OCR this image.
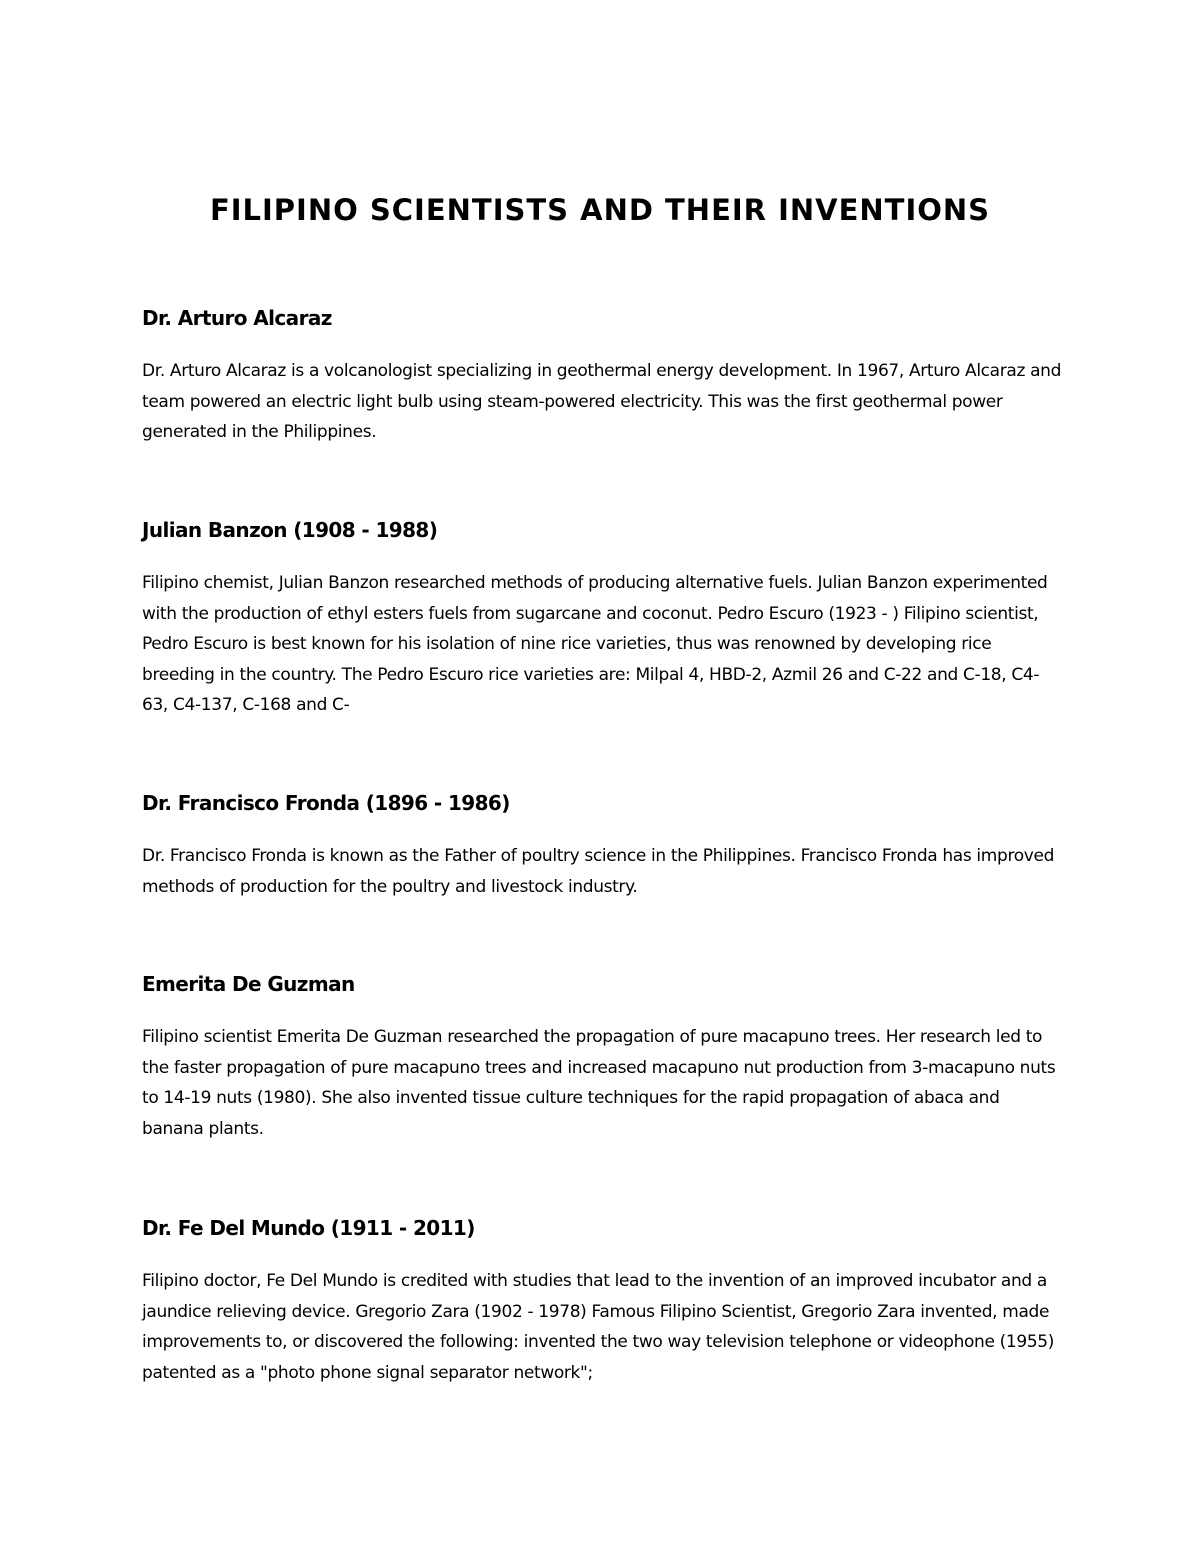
FILIPINO SCIENTISTS AND THEIR INVENTIONS
Dr. Arturo Alcaraz

Dr. Arturo Alcaraz is a volcanologist specializing in geothermal energy development. In 1967, Arturo Alcaraz and team powered an electric light bulb using steam-powered electricity. This was the first geothermal power generated in the Philippines.

Julian Banzon (1908 - 1988)

Filipino chemist, Julian Banzon researched methods of producing alternative fuels. Julian Banzon experimented with the production of ethyl esters fuels from sugarcane and coconut. Pedro Escuro (1923 - ) Filipino scientist, Pedro Escuro is best known for his isolation of nine rice varieties, thus was renowned by developing rice breeding in the country. The Pedro Escuro rice varieties are: Milpal 4, HBD-2, Azmil 26 and C-22 and C-18, C4-63, C4-137, C-168 and C-

Dr. Francisco Fronda (1896 - 1986)

Dr. Francisco Fronda is known as the Father of poultry science in the Philippines. Francisco Fronda has improved methods of production for the poultry and livestock industry.

Emerita De Guzman

Filipino scientist Emerita De Guzman researched the propagation of pure macapuno trees. Her research led to the faster propagation of pure macapuno trees and increased macapuno nut production from 3-macapuno nuts to 14-19 nuts (1980). She also invented tissue culture techniques for the rapid propagation of abaca and banana plants.

Dr. Fe Del Mundo (1911 - 2011)

Filipino doctor, Fe Del Mundo is credited with studies that lead to the invention of an improved incubator and a jaundice relieving device. Gregorio Zara (1902 - 1978) Famous Filipino Scientist, Gregorio Zara invented, made improvements to, or discovered the following: invented the two way television telephone or videophone (1955) patented as a "photo phone signal separator network";
